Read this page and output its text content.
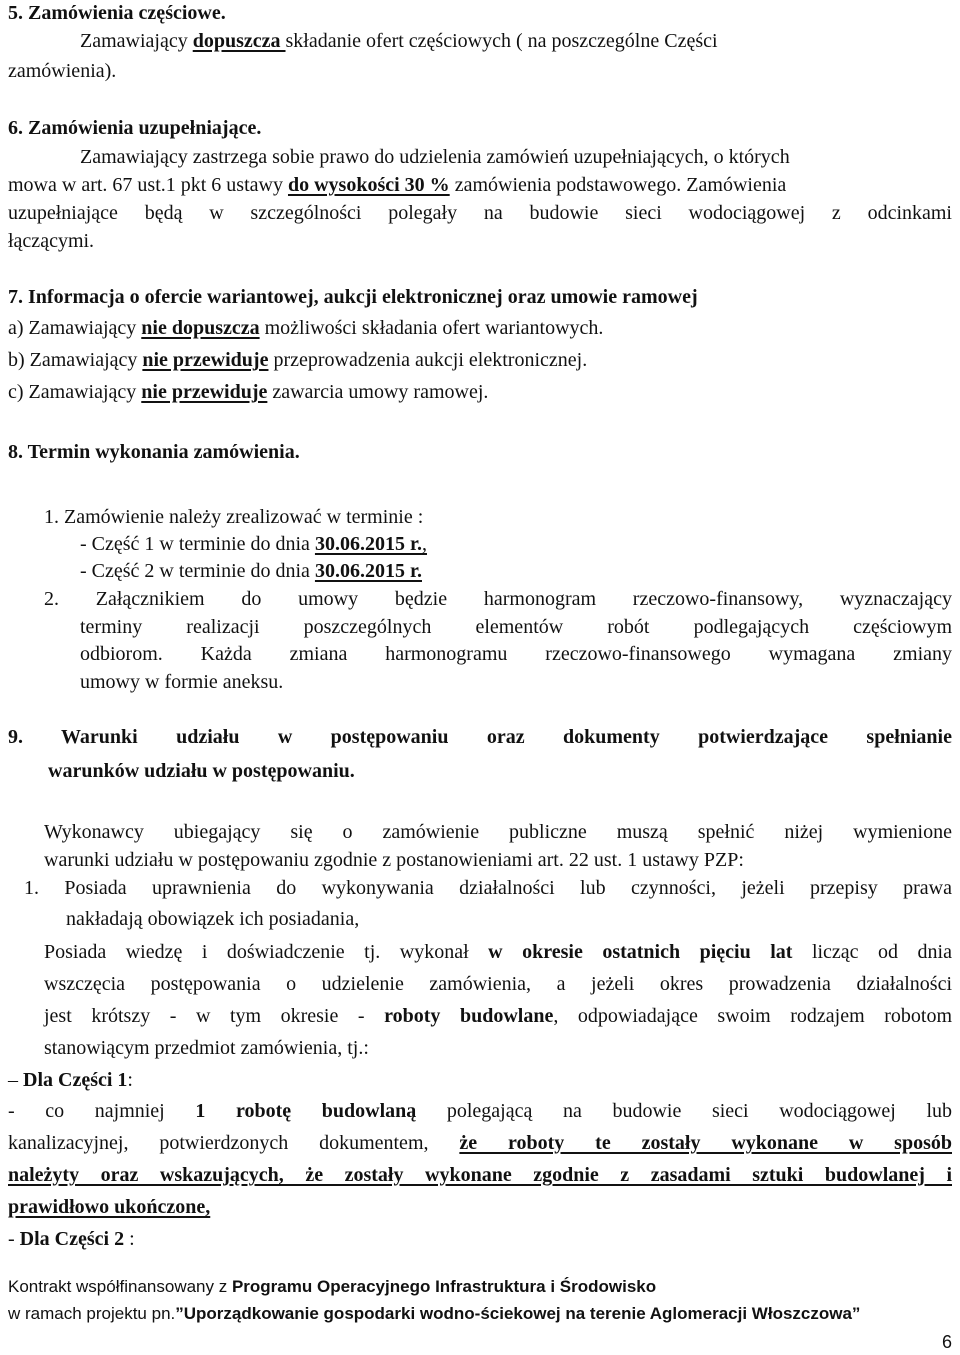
5. Zamówienia częściowe.
Zamawiający dopuszcza składanie ofert częściowych ( na poszczególne Części
zamówienia).
6. Zamówienia uzupełniające.
Zamawiający zastrzega sobie prawo do udzielenia zamówień uzupełniających, o których
mowa w art. 67 ust.1 pkt 6 ustawy do wysokości 30 % zamówienia podstawowego. Zamówienia
uzupełniające będą w szczególności polegały na budowie sieci wodociągowej z odcinkami
łączącymi.
7. Informacja o ofercie wariantowej, aukcji elektronicznej oraz umowie ramowej
a) Zamawiający nie dopuszcza możliwości składania ofert wariantowych.
b) Zamawiający nie przewiduje przeprowadzenia aukcji elektronicznej.
c) Zamawiający nie przewiduje zawarcia umowy ramowej.
8. Termin wykonania zamówienia.
1. Zamówienie należy zrealizować w terminie :
- Część 1 w terminie do dnia 30.06.2015 r.,
- Część 2 w terminie do dnia 30.06.2015 r.
2. Załącznikiem do umowy będzie harmonogram rzeczowo-finansowy, wyznaczający
terminy realizacji poszczególnych elementów robót podlegających częściowym
odbiorom. Każda zmiana harmonogramu rzeczowo-finansowego wymagana zmiany
umowy w formie aneksu.
9. Warunki udziału w postępowaniu oraz dokumenty potwierdzające spełnianie
warunków udziału w postępowaniu.
Wykonawcy ubiegający się o zamówienie publiczne muszą spełnić niżej wymienione
warunki udziału w postępowaniu zgodnie z postanowieniami art. 22 ust. 1 ustawy PZP:
1. Posiada uprawnienia do wykonywania działalności lub czynności, jeżeli przepisy prawa
nakładają obowiązek ich posiadania,
Posiada wiedzę i doświadczenie tj. wykonał w okresie ostatnich pięciu lat licząc od dnia
wszczęcia postępowania o udzielenie zamówienia, a jeżeli okres prowadzenia działalności
jest krótszy - w tym okresie - roboty budowlane, odpowiadające swoim rodzajem robotom
stanowiącym przedmiot zamówienia, tj.:
– Dla Części 1:
- co najmniej 1 robotę budowlaną polegającą na budowie sieci wodociągowej lub
kanalizacyjnej, potwierdzonych dokumentem, że roboty te zostały wykonane w sposób
należyty oraz wskazujących, że zostały wykonane zgodnie z zasadami sztuki budowlanej i
prawidłowo ukończone,
- Dla Części 2 :
Kontrakt współfinansowany z Programu Operacyjnego Infrastruktura i Środowisko
w ramach projektu pn.”Uporządkowanie gospodarki wodno-ściekowej na terenie Aglomeracji Włoszczowa”
6
